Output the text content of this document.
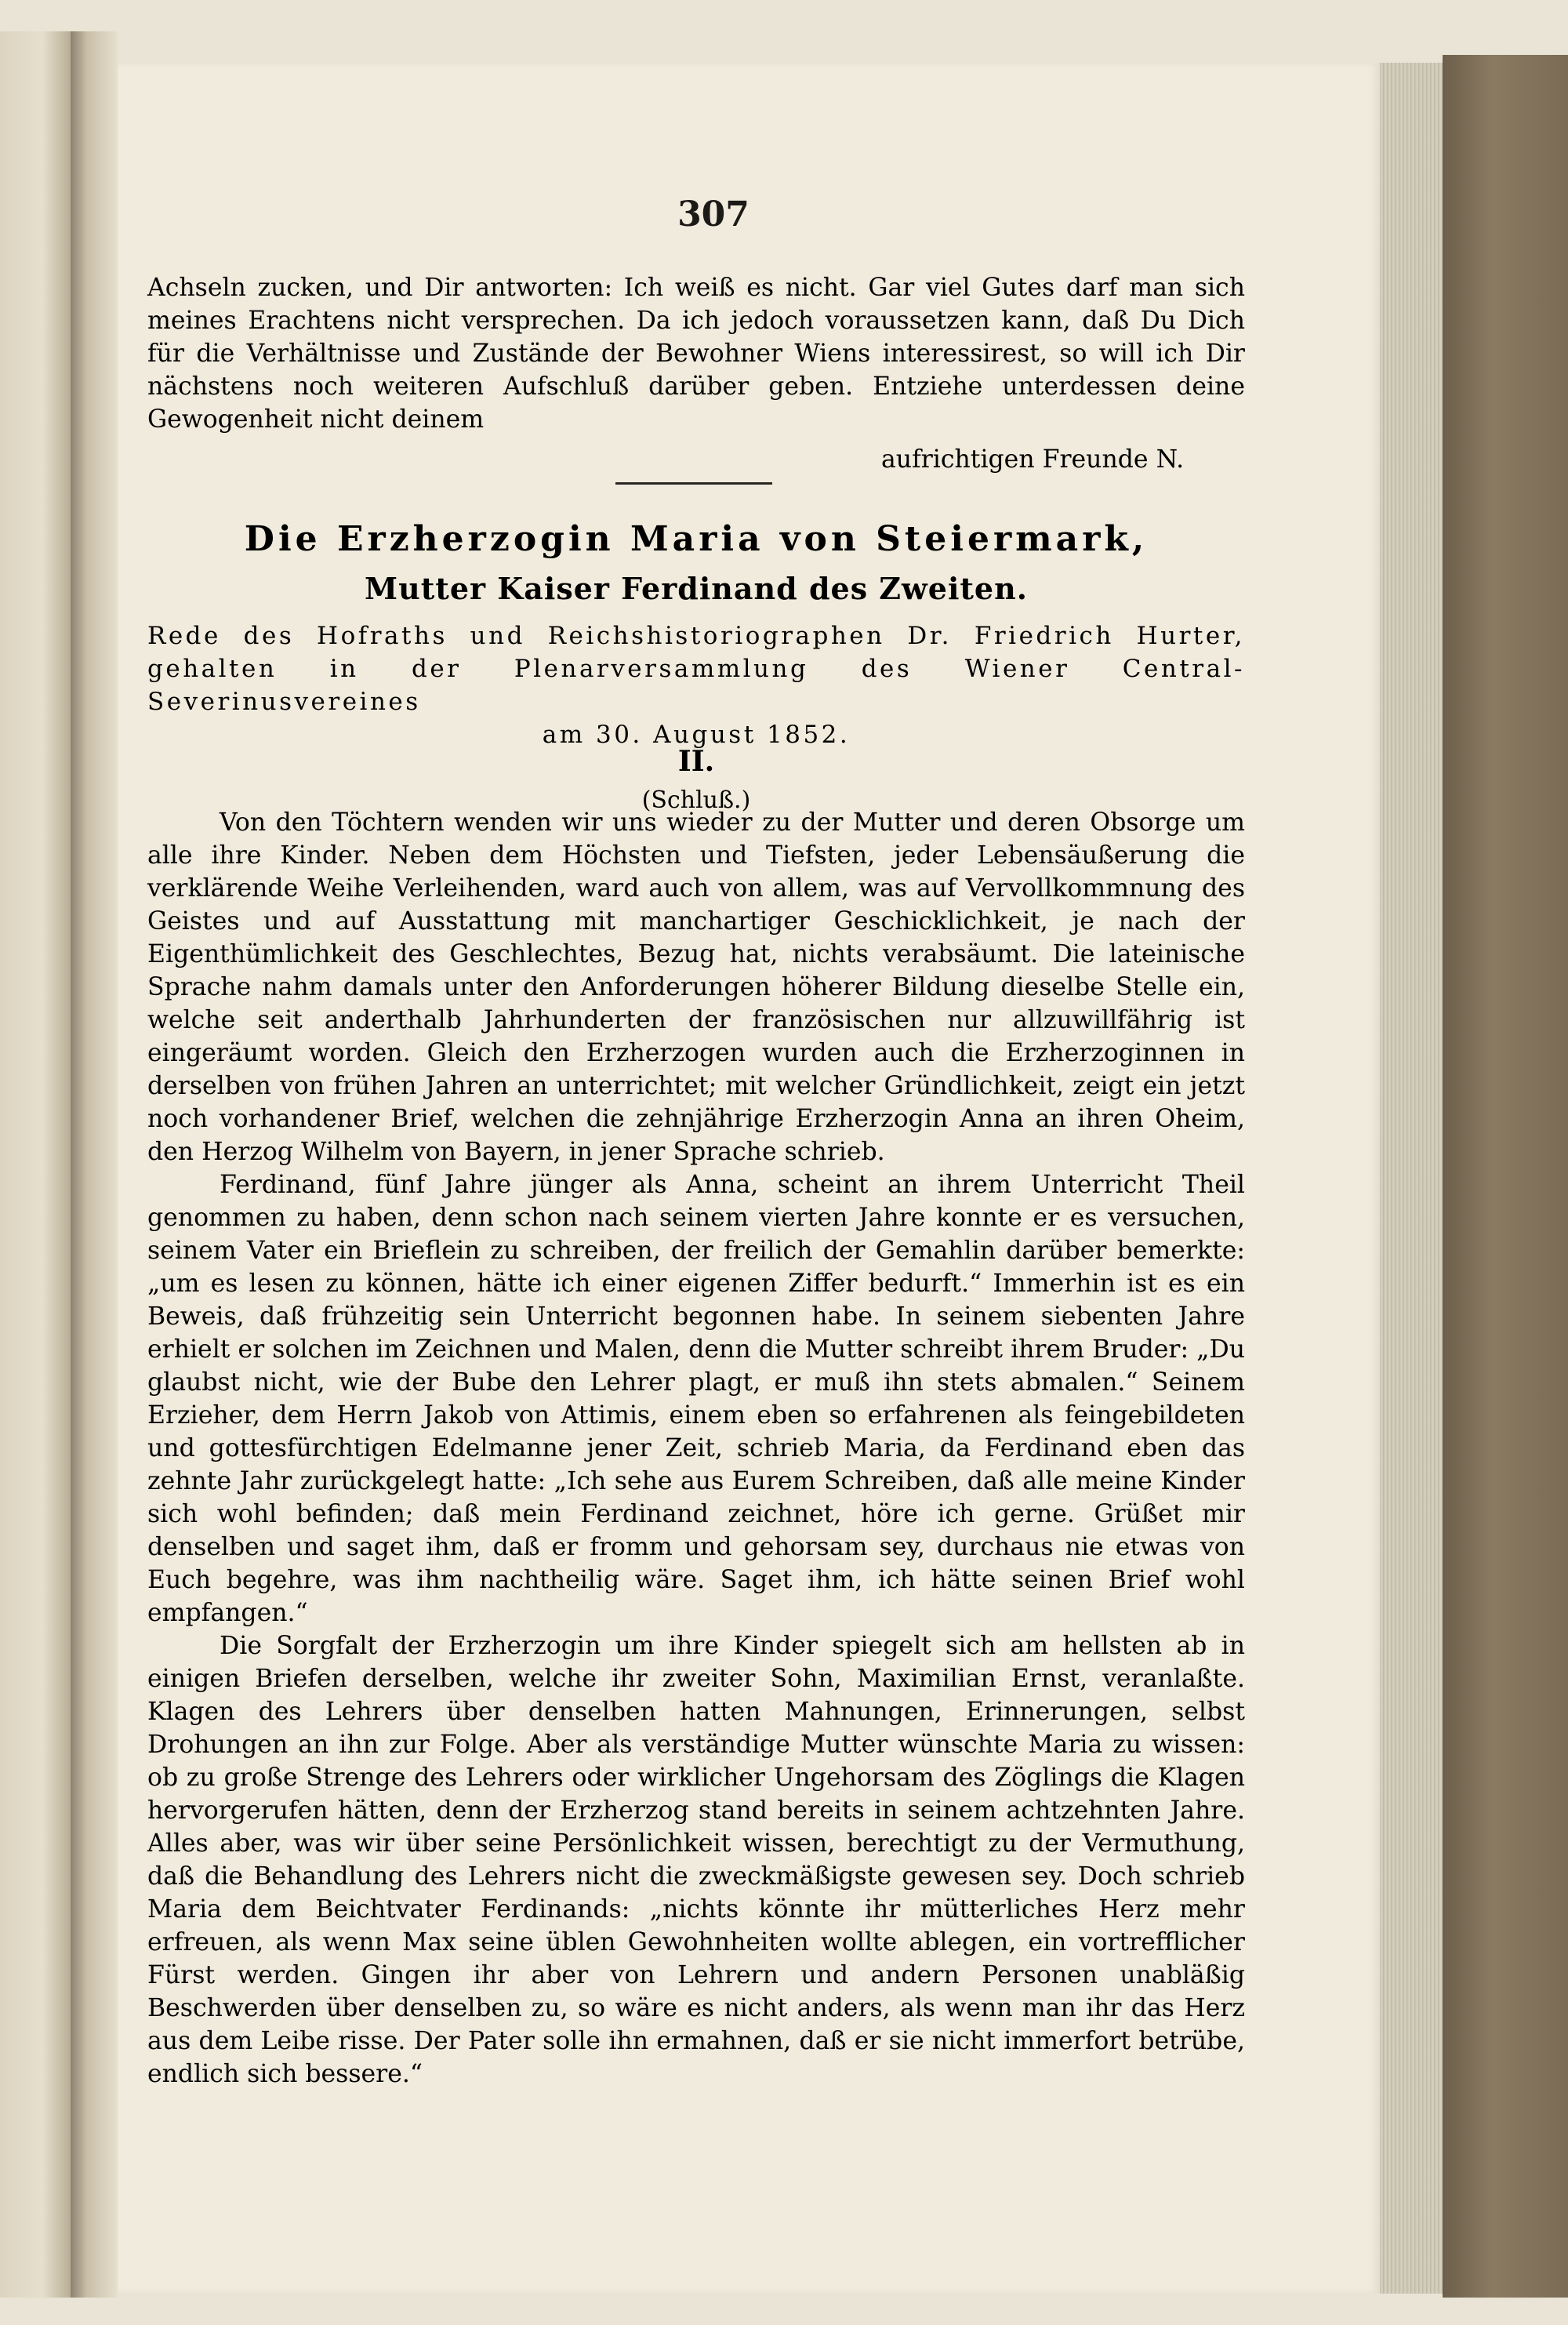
307

Achseln zucken, und Dir antworten: Ich weiß es nicht. Gar viel Gutes darf man sich meines Erachtens nicht versprechen. Da ich jedoch voraussetzen kann, daß Du Dich für die Verhältnisse und Zustände der Bewohner Wiens interessirest, so will ich Dir nächstens noch weiteren Aufschluß darüber geben. Entziehe unterdessen deine Gewogenheit nicht deinem

aufrichtigen Freunde N.
Die Erzherzogin Maria von Steiermark,
Mutter Kaiser Ferdinand des Zweiten.
Rede des Hofraths und Reichshistoriographen Dr. Friedrich Hurter, gehalten in der Plenarversammlung des Wiener Central-Severinusvereines
am 30. August 1852.
II.
(Schluß.)

Von den Töchtern wenden wir uns wieder zu der Mutter und deren Obsorge um alle ihre Kinder. Neben dem Höchsten und Tiefsten, jeder Lebensäußerung die verklärende Weihe Verleihenden, ward auch von allem, was auf Vervollkommnung des Geistes und auf Ausstattung mit manchartiger Geschicklichkeit, je nach der Eigenthümlichkeit des Geschlechtes, Bezug hat, nichts verabsäumt. Die lateinische Sprache nahm damals unter den Anforderungen höherer Bildung dieselbe Stelle ein, welche seit anderthalb Jahrhunderten der französischen nur allzuwillfährig ist eingeräumt worden. Gleich den Erzherzogen wurden auch die Erzherzoginnen in derselben von frühen Jahren an unterrichtet; mit welcher Gründlichkeit, zeigt ein jetzt noch vorhandener Brief, welchen die zehnjährige Erzherzogin Anna an ihren Oheim, den Herzog Wilhelm von Bayern, in jener Sprache schrieb.

Ferdinand, fünf Jahre jünger als Anna, scheint an ihrem Unterricht Theil genommen zu haben, denn schon nach seinem vierten Jahre konnte er es versuchen, seinem Vater ein Brieflein zu schreiben, der freilich der Gemahlin darüber bemerkte: „um es lesen zu können, hätte ich einer eigenen Ziffer bedurft.“ Immerhin ist es ein Beweis, daß frühzeitig sein Unterricht begonnen habe. In seinem siebenten Jahre erhielt er solchen im Zeichnen und Malen, denn die Mutter schreibt ihrem Bruder: „Du glaubst nicht, wie der Bube den Lehrer plagt, er muß ihn stets abmalen.“ Seinem Erzieher, dem Herrn Jakob von Attimis, einem eben so erfahrenen als feingebildeten und gottesfürchtigen Edelmanne jener Zeit, schrieb Maria, da Ferdinand eben das zehnte Jahr zurückgelegt hatte: „Ich sehe aus Eurem Schreiben, daß alle meine Kinder sich wohl befinden; daß mein Ferdinand zeichnet, höre ich gerne. Grüßet mir denselben und saget ihm, daß er fromm und gehorsam sey, durchaus nie etwas von Euch begehre, was ihm nachtheilig wäre. Saget ihm, ich hätte seinen Brief wohl empfangen.“

Die Sorgfalt der Erzherzogin um ihre Kinder spiegelt sich am hellsten ab in einigen Briefen derselben, welche ihr zweiter Sohn, Maximilian Ernst, veranlaßte. Klagen des Lehrers über denselben hatten Mahnungen, Erinnerungen, selbst Drohungen an ihn zur Folge. Aber als verständige Mutter wünschte Maria zu wissen: ob zu große Strenge des Lehrers oder wirklicher Ungehorsam des Zöglings die Klagen hervorgerufen hätten, denn der Erzherzog stand bereits in seinem achtzehnten Jahre. Alles aber, was wir über seine Persönlichkeit wissen, berechtigt zu der Vermuthung, daß die Behandlung des Lehrers nicht die zweckmäßigste gewesen sey. Doch schrieb Maria dem Beichtvater Ferdinands: „nichts könnte ihr mütterliches Herz mehr erfreuen, als wenn Max seine üblen Gewohnheiten wollte ablegen, ein vortrefflicher Fürst werden. Gingen ihr aber von Lehrern und andern Personen unabläßig Beschwerden über denselben zu, so wäre es nicht anders, als wenn man ihr das Herz aus dem Leibe risse. Der Pater solle ihn ermahnen, daß er sie nicht immerfort betrübe, endlich sich bessere.“
